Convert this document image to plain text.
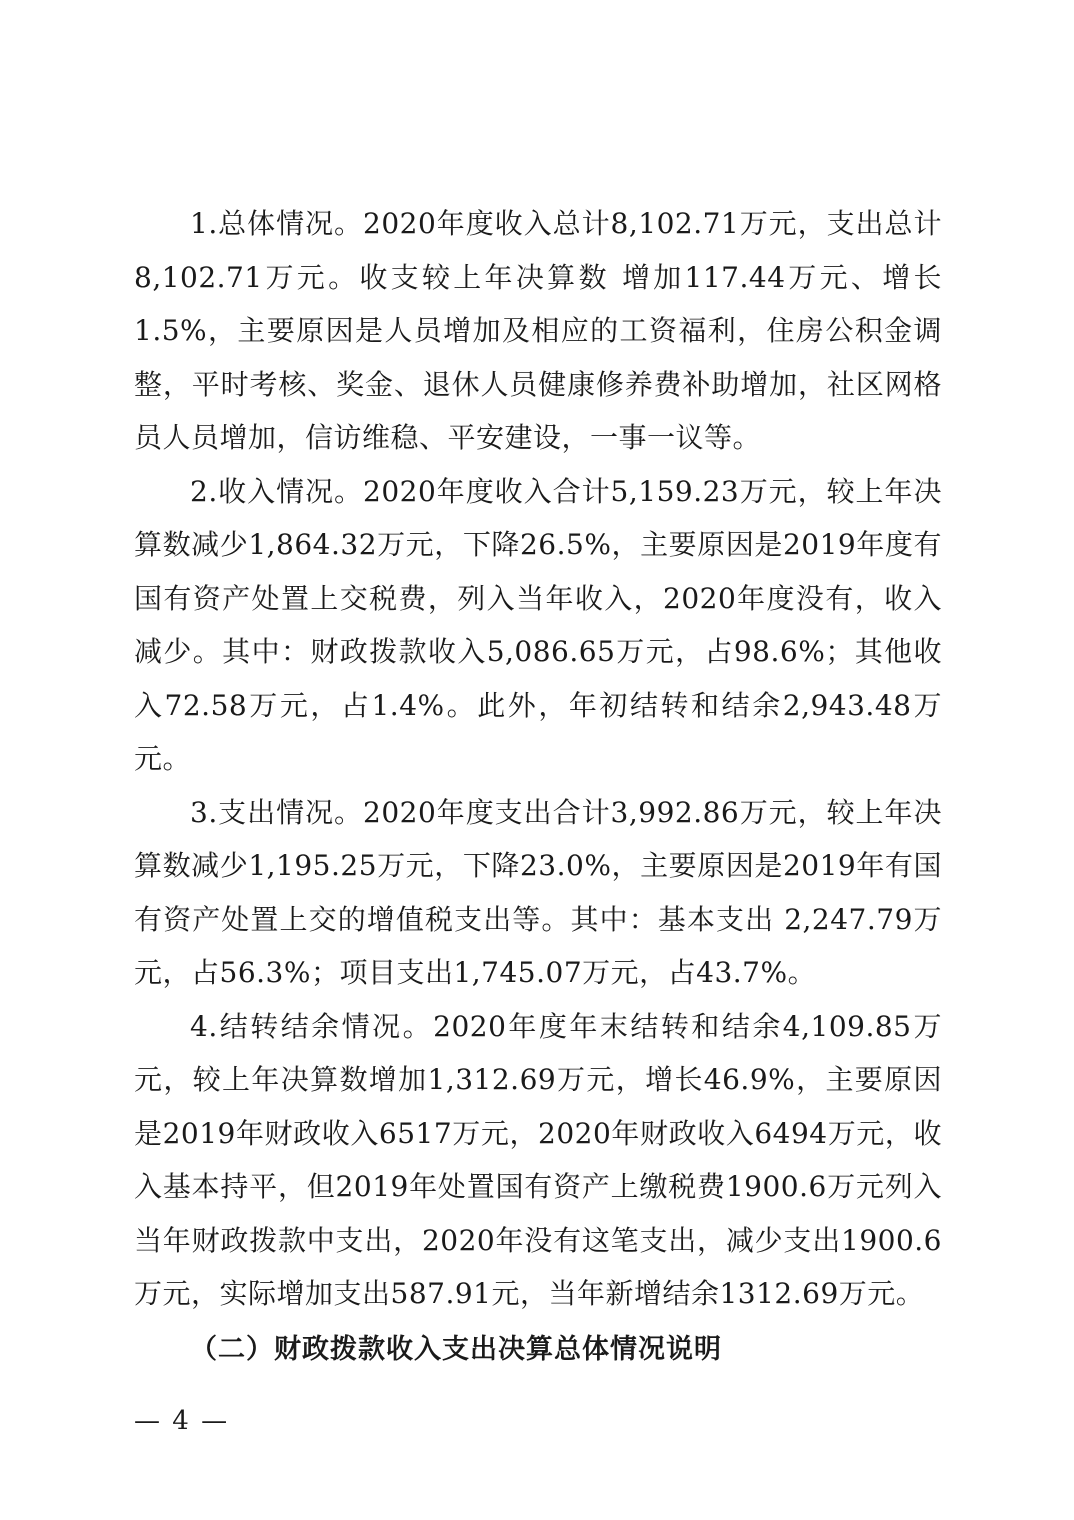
1.总体情况。2020年度收入总计8,102.71万元，支出总计8,102.71万元。收支较上年决算数 增加117.44万元、增长1.5%，主要原因是人员增加及相应的工资福利，住房公积金调整，平时考核、奖金、退休人员健康修养费补助增加，社区网格员人员增加，信访维稳、平安建设，一事一议等。

2.收入情况。2020年度收入合计5,159.23万元，较上年决算数减少1,864.32万元，下降26.5%，主要原因是2019年度有国有资产处置上交税费，列入当年收入，2020年度没有，收入减少。其中：财政拨款收入5,086.65万元，占98.6%；其他收入72.58万元，占1.4%。此外，年初结转和结余2,943.48万元。

3.支出情况。2020年度支出合计3,992.86万元，较上年决算数减少1,195.25万元，下降23.0%，主要原因是2019年有国有资产处置上交的增值税支出等。其中：基本支出 2,247.79万元，占56.3%；项目支出1,745.07万元，占43.7%。

4.结转结余情况。2020年度年末结转和结余4,109.85万元，较上年决算数增加1,312.69万元，增长46.9%，主要原因是2019年财政收入6517万元，2020年财政收入6494万元，收入基本持平，但2019年处置国有资产上缴税费1900.6万元列入当年财政拨款中支出，2020年没有这笔支出，减少支出1900.6万元，实际增加支出587.91元，当年新增结余1312.69万元。

（二）财政拨款收入支出决算总体情况说明

— 4 —
